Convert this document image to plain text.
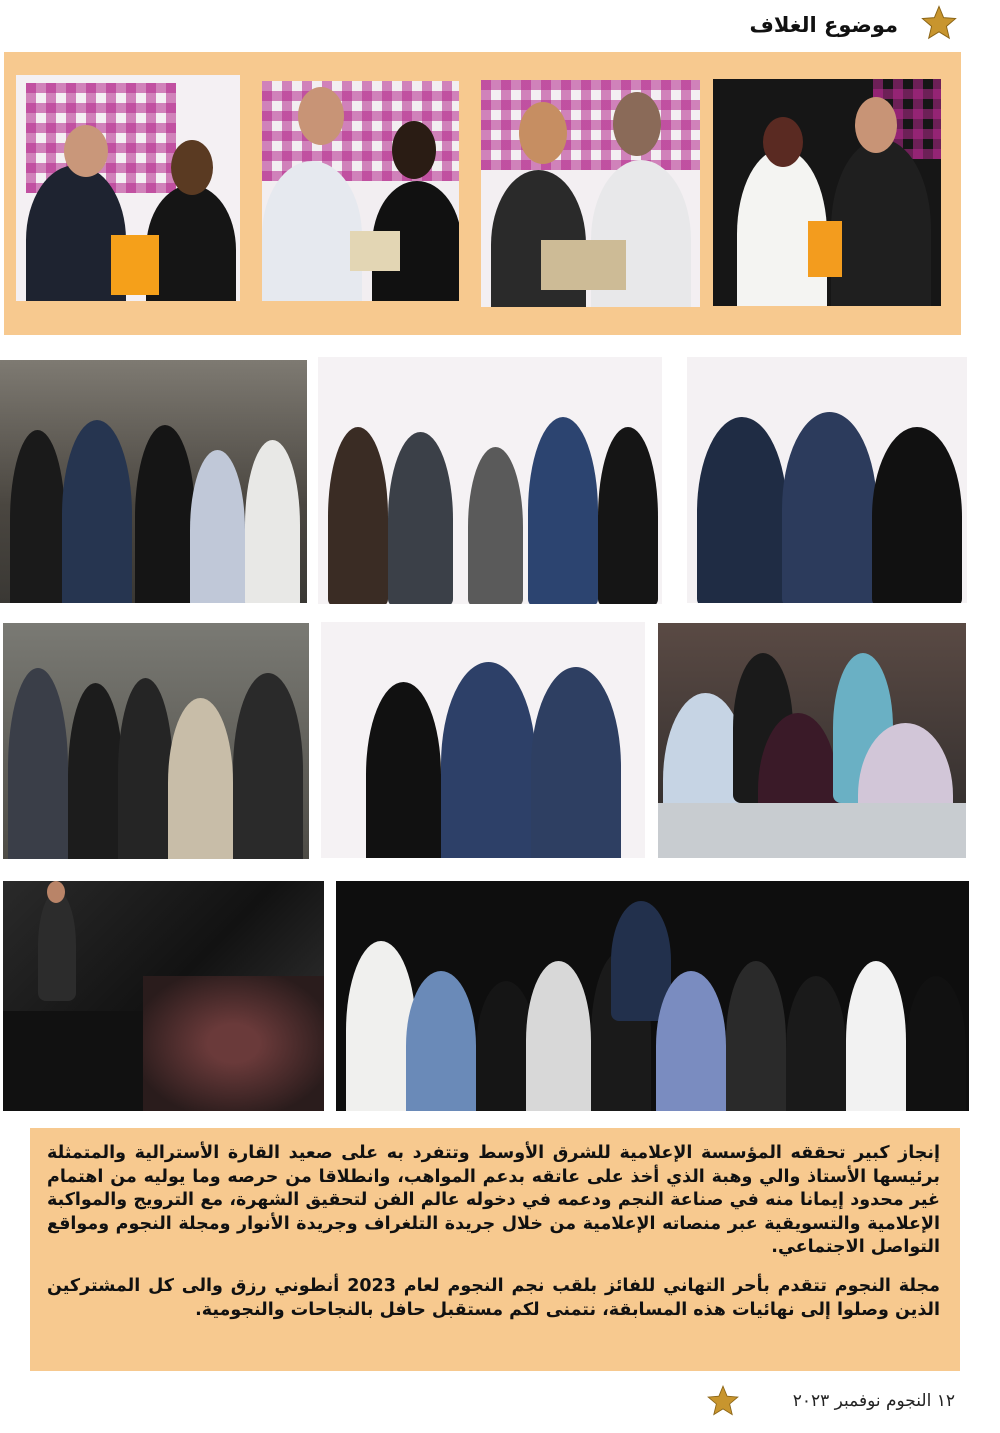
موضوع الغلاف
إنجاز كبير تحققه المؤسسة الإعلامية للشرق الأوسط وتتفرد به على صعيد القارة الأسترالية والمتمثلة برئيسها الأستاذ والي وهبة الذي أخذ على عاتقه بدعم المواهب، وانطلاقا من حرصه وما يوليه من اهتمام غير محدود إيمانا منه في صناعة النجم ودعمه في دخوله عالم الفن لتحقيق الشهرة، مع الترويج والمواكبة الإعلامية والتسويقية عبر منصاته الإعلامية من خلال جريدة التلغراف وجريدة الأنوار ومجلة النجوم ومواقع التواصل الاجتماعي.
مجلة النجوم تتقدم بأحر التهاني للفائز بلقب نجم النجوم لعام 2023 أنطوني رزق والى كل المشتركين الذين وصلوا إلى نهائيات هذه المسابقة، نتمنى لكم مستقبل حافل بالنجاحات والنجومية.
١٢ النجوم نوفمبر ٢٠٢٣
